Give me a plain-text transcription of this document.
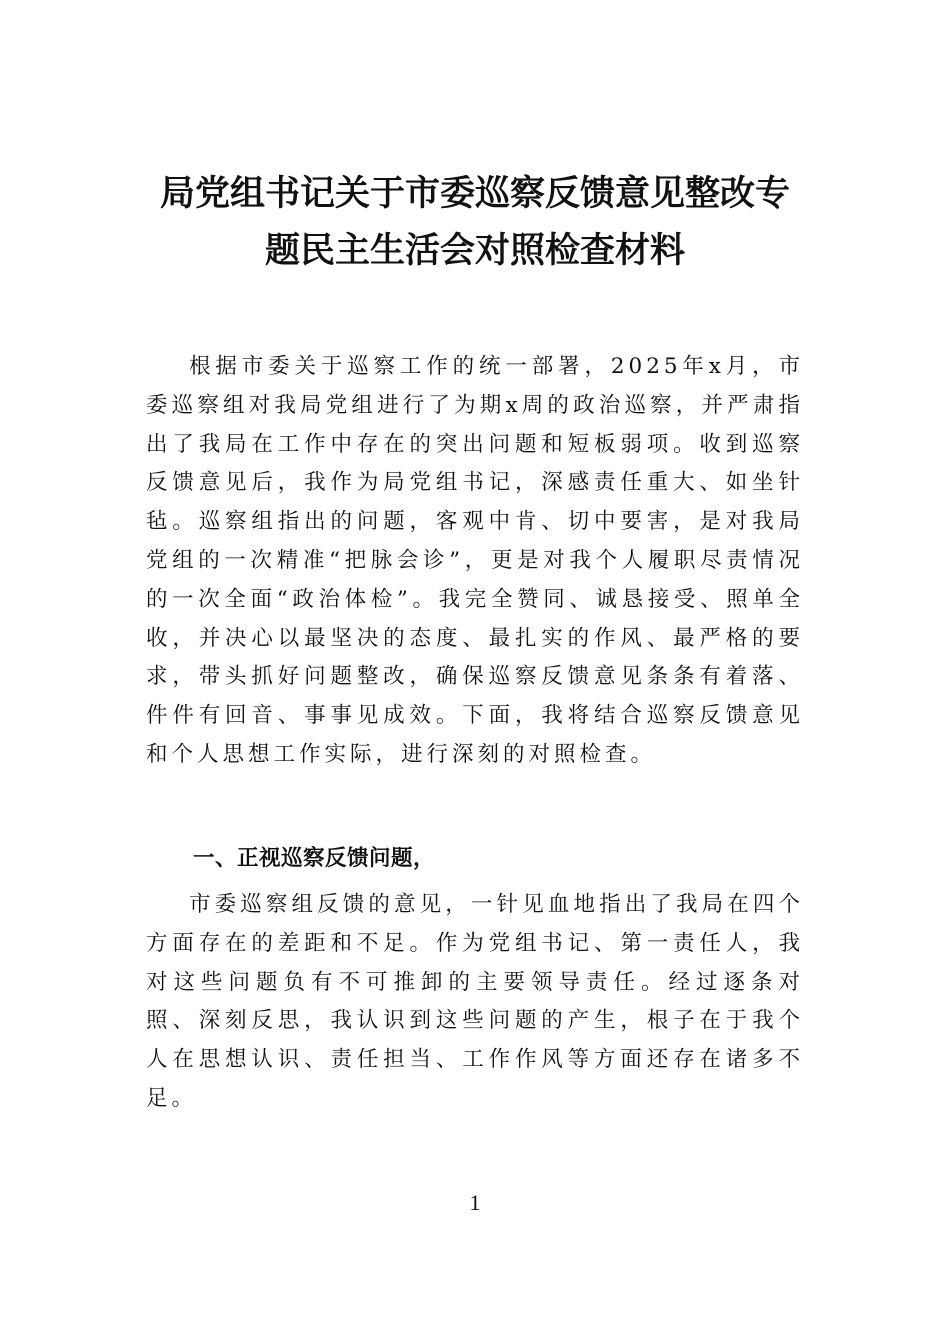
局党组书记关于市委巡察反馈意见整改专
题民主生活会对照检查材料

根据市委关于巡察工作的统一部署，2025年x月，市委巡察组对我局党组进行了为期x周的政治巡察，并严肃指出了我局在工作中存在的突出问题和短板弱项。收到巡察反馈意见后，我作为局党组书记，深感责任重大、如坐针毡。巡察组指出的问题，客观中肯、切中要害，是对我局党组的一次精准“把脉会诊”，更是对我个人履职尽责情况的一次全面“政治体检”。我完全赞同、诚恳接受、照单全收，并决心以最坚决的态度、最扎实的作风、最严格的要求，带头抓好问题整改，确保巡察反馈意见条条有着落、件件有回音、事事见成效。下面，我将结合巡察反馈意见和个人思想工作实际，进行深刻的对照检查。

一、正视巡察反馈问题，

市委巡察组反馈的意见，一针见血地指出了我局在四个方面存在的差距和不足。作为党组书记、第一责任人，我对这些问题负有不可推卸的主要领导责任。经过逐条对照、深刻反思，我认识到这些问题的产生，根子在于我个人在思想认识、责任担当、工作作风等方面还存在诸多不足。

1
